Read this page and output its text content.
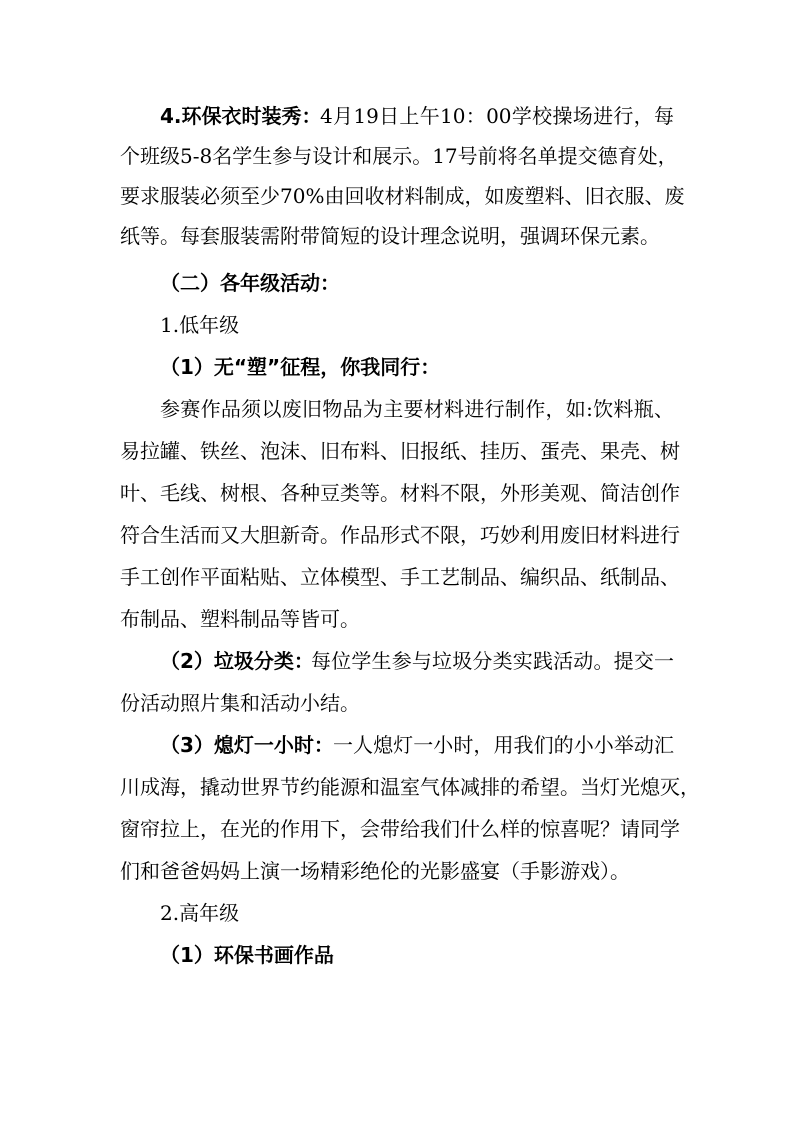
4.环保衣时装秀：
4月19日上午10：00学校操场进行，每
个班级5-8名学生参与设计和展示。17号前将名单提交德育处，
要求服装必须至少70%由回收材料制成，如废塑料、旧衣服、废
纸等。每套服装需附带简短的设计理念说明，强调环保元素。
（二）各年级活动：
1.低年级
（1）无“塑”征程，你我同行：
参赛作品须以废旧物品为主要材料进行制作，如:饮料瓶、
易拉罐、铁丝、泡沫、旧布料、旧报纸、挂历、蛋壳、果壳、树
叶、毛线、树根、各种豆类等。材料不限，外形美观、简洁创作
符合生活而又大胆新奇。作品形式不限，巧妙利用废旧材料进行
手工创作平面粘贴、立体模型、手工艺制品、编织品、纸制品、
布制品、塑料制品等皆可。
（2）垃圾分类：
每位学生参与垃圾分类实践活动。提交一
份活动照片集和活动小结。
（3）熄灯一小时： 一人熄灯一小时，用我们的小小举动汇
川成海，撬动世界节约能源和温室气体减排的希望。当灯光熄灭，
窗帘拉上，在光的作用下，会带给我们什么样的惊喜呢？请同学
们和爸爸妈妈上演一场精彩绝伦的光影盛宴（手影游戏）。
2.高年级
（1）环保书画作品
